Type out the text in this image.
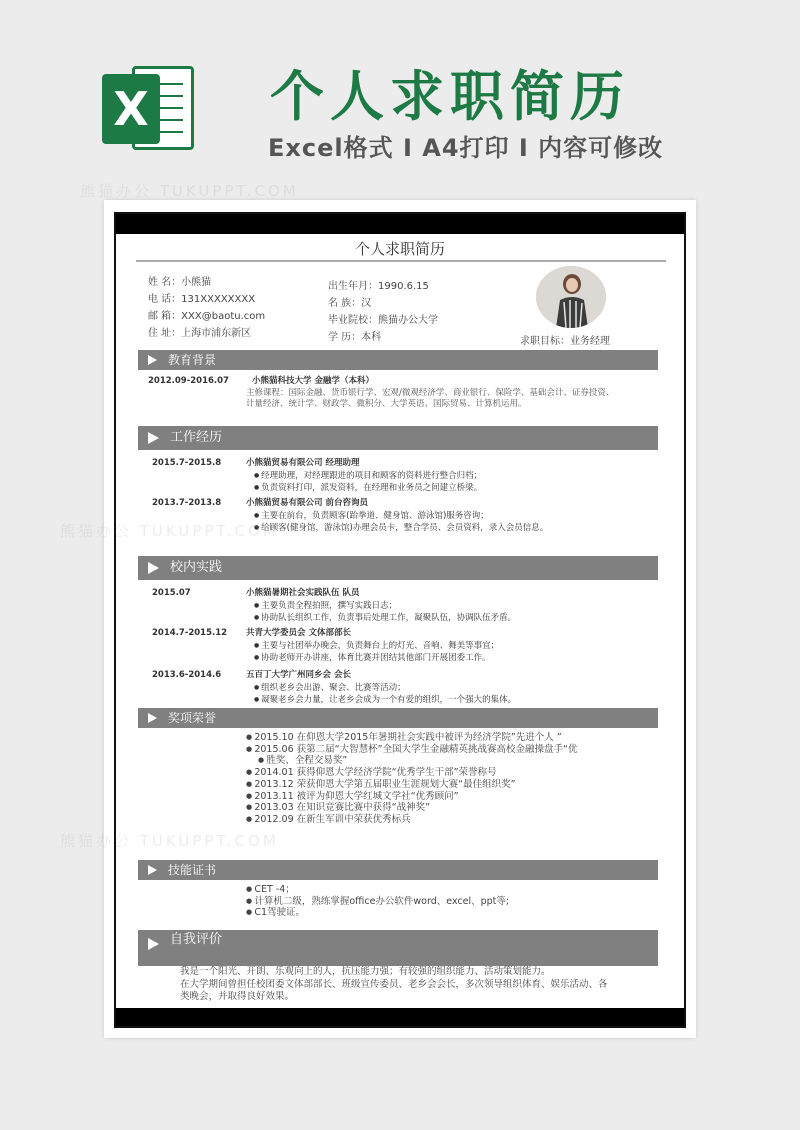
X 个人求职简历
Excel格式 Ⅰ A4打印 Ⅰ 内容可修改
个人求职简历
姓 名：小熊猫
电 话：131XXXXXXXX
邮 箱：XXX@baotu.com
住 址：上海市浦东新区
出生年月：1990.6.15
名 族：汉
毕业院校：熊猫办公大学
学 历：本科	求职目标：业务经理
教育背景
2012.09-2016.07	小熊猫科技大学 金融学（本科）
主修课程：国际金融、货币银行学、宏观/微观经济学、商业银行、保险学、基础会计、证券投资、
计量经济、统计学、财政学、微积分、大学英语、国际贸易、计算机运用。
工作经历
2015.7-2015.8	小熊猫贸易有限公司 经理助理
● 经理助理，对经理跟进的项目和顾客的资料进行整合归档；
● 负责资料打印，派发资料，在经理和业务员之间建立桥梁。
2013.7-2013.8	小熊猫贸易有限公司 前台咨询员
● 主要在前台，负责顾客(跆拳道、健身馆、游泳馆)服务咨询；
● 给顾客(健身馆，游泳馆)办理会员卡，整合学员、会员资料，录入会员信息。
校内实践
2015.07	小熊猫暑期社会实践队伍 队员
● 主要负责全程拍照，撰写实践日志；
● 协助队长组织工作，负责事后处理工作，凝聚队伍，协调队伍矛盾。
2014.7-2015.12 共青大学委员会 文体部部长
● 主要与社团举办晚会，负责舞台上的灯光、音响、舞美等事宜；
● 协助老师开办讲座，体育比赛并团结其他部门开展团委工作。
2013.6-2014.6	五百丁大学广州同乡会 会长
● 组织老乡会出游、聚会、比赛等活动；
● 凝聚老乡会力量，让老乡会成为一个有爱的组织，一个强大的集体。
奖项荣誉
● 2015.10 在仰恩大学2015年暑期社会实践中被评为经济学院”先进个人 ”
● 2015.06 获第二届“大智慧杯”全国大学生金融精英挑战赛高校金融操盘手“优
● 胜奖、全程交易奖”
● 2014.01 获得仰恩大学经济学院“优秀学生干部”荣誉称号
● 2013.12 荣获仰恩大学第五届职业生涯规划大赛“最佳组织奖”
● 2013.11 被评为仰恩大学红城文学社“优秀顾问”
● 2013.03 在知识竞赛比赛中获得“战神奖”
● 2012.09 在新生军训中荣获优秀标兵
技能证书
● CET -4；
● 计算机二级，熟练掌握office办公软件word、excel、ppt等;
● C1驾驶证。
自我评价
我是一个阳光、开朗、乐观向上的人，抗压能力强；有较强的组织能力、活动策划能力。
在大学期间曾担任校团委文体部部长、班级宣传委员、老乡会会长，多次领导组织体育、娱乐活动、各
类晚会，并取得良好效果。
熊猫办公 TUKUPPT.COM
熊猫办公
熊猫办公
